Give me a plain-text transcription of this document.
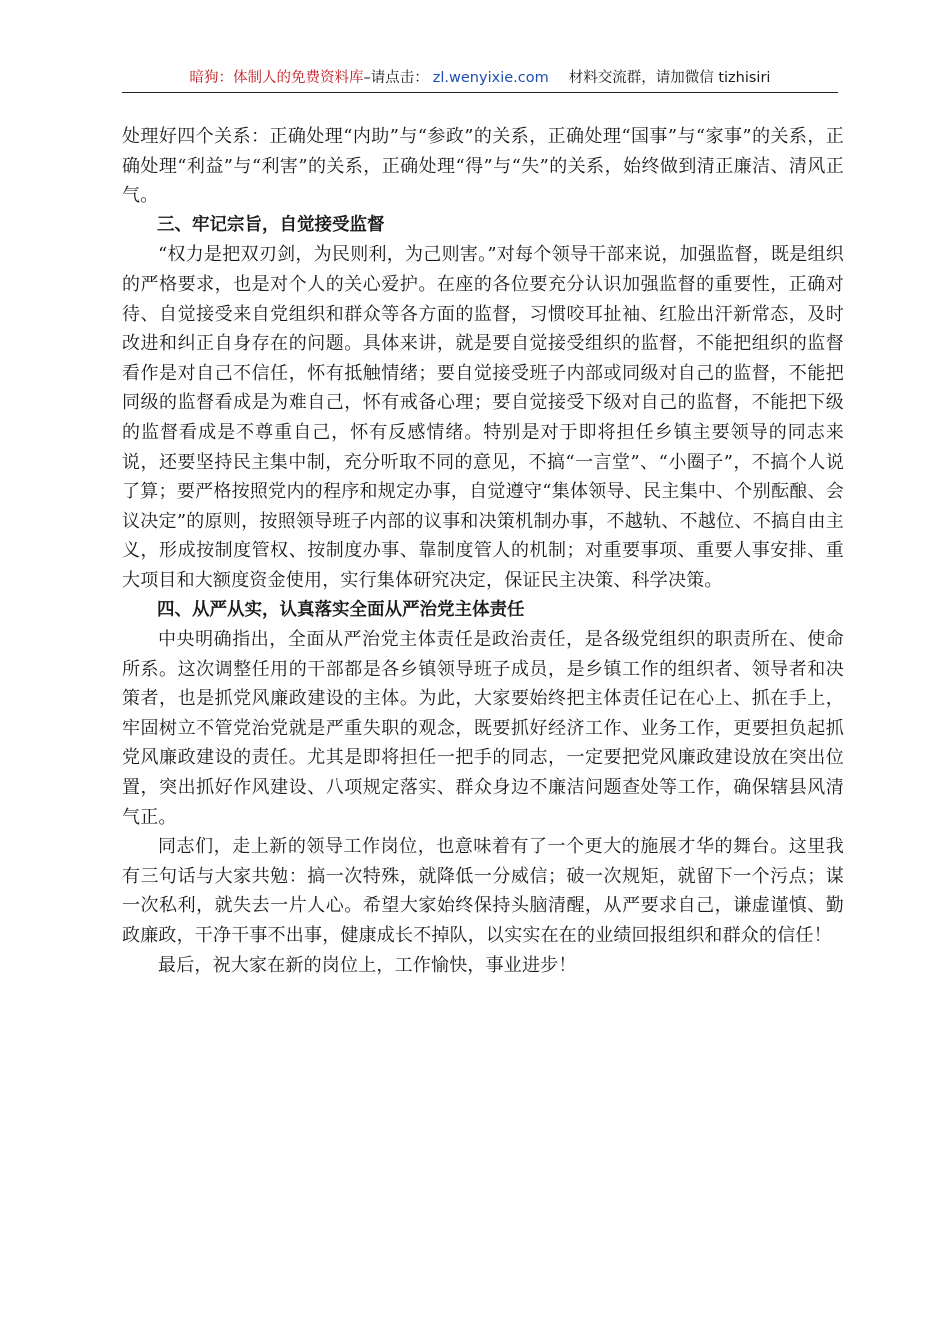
暗狗：体制人的免费资料库–请点击： zl.wenyixie.com 材料交流群，请加微信 tizhisiri

处理好四个关系：正确处理“内助”与“参政”的关系，正确处理“国事”与“家事”的关系，正确处理“利益”与“利害”的关系，正确处理“得”与“失”的关系，始终做到清正廉洁、清风正气。

三、牢记宗旨，自觉接受监督

“权力是把双刃剑，为民则利，为己则害。”对每个领导干部来说，加强监督，既是组织的严格要求，也是对个人的关心爱护。在座的各位要充分认识加强监督的重要性，正确对待、自觉接受来自党组织和群众等各方面的监督，习惯咬耳扯袖、红脸出汗新常态，及时改进和纠正自身存在的问题。具体来讲，就是要自觉接受组织的监督，不能把组织的监督看作是对自己不信任，怀有抵触情绪；要自觉接受班子内部或同级对自己的监督，不能把同级的监督看成是为难自己，怀有戒备心理；要自觉接受下级对自己的监督，不能把下级的监督看成是不尊重自己，怀有反感情绪。特别是对于即将担任乡镇主要领导的同志来说，还要坚持民主集中制，充分听取不同的意见，不搞“一言堂”、“小圈子”，不搞个人说了算；要严格按照党内的程序和规定办事，自觉遵守“集体领导、民主集中、个别酝酿、会议决定”的原则，按照领导班子内部的议事和决策机制办事，不越轨、不越位、不搞自由主义，形成按制度管权、按制度办事、靠制度管人的机制；对重要事项、重要人事安排、重大项目和大额度资金使用，实行集体研究决定，保证民主决策、科学决策。

四、从严从实，认真落实全面从严治党主体责任

中央明确指出，全面从严治党主体责任是政治责任，是各级党组织的职责所在、使命所系。这次调整任用的干部都是各乡镇领导班子成员，是乡镇工作的组织者、领导者和决策者，也是抓党风廉政建设的主体。为此，大家要始终把主体责任记在心上、抓在手上，牢固树立不管党治党就是严重失职的观念，既要抓好经济工作、业务工作，更要担负起抓党风廉政建设的责任。尤其是即将担任一把手的同志，一定要把党风廉政建设放在突出位置，突出抓好作风建设、八项规定落实、群众身边不廉洁问题查处等工作，确保辖县风清气正。

同志们，走上新的领导工作岗位，也意味着有了一个更大的施展才华的舞台。这里我有三句话与大家共勉：搞一次特殊，就降低一分威信；破一次规矩，就留下一个污点；谋一次私利，就失去一片人心。希望大家始终保持头脑清醒，从严要求自己，谦虚谨慎、勤政廉政，干净干事不出事，健康成长不掉队，以实实在在的业绩回报组织和群众的信任！

最后，祝大家在新的岗位上，工作愉快，事业进步！
